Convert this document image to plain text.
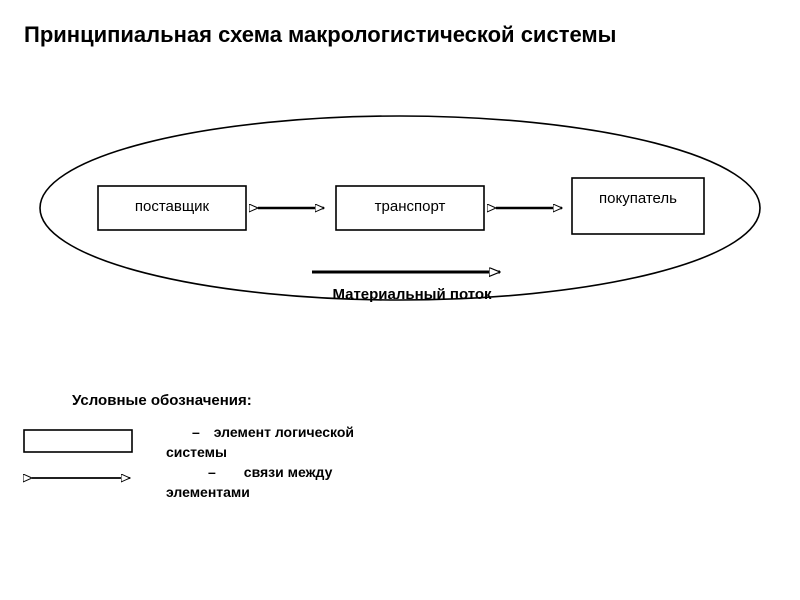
Принципиальная схема макрологистической системы
поставщик	транспорт	покупатель
Материальный поток
Условные обозначения:
– элемент логической
системы
– связи между
элементами
